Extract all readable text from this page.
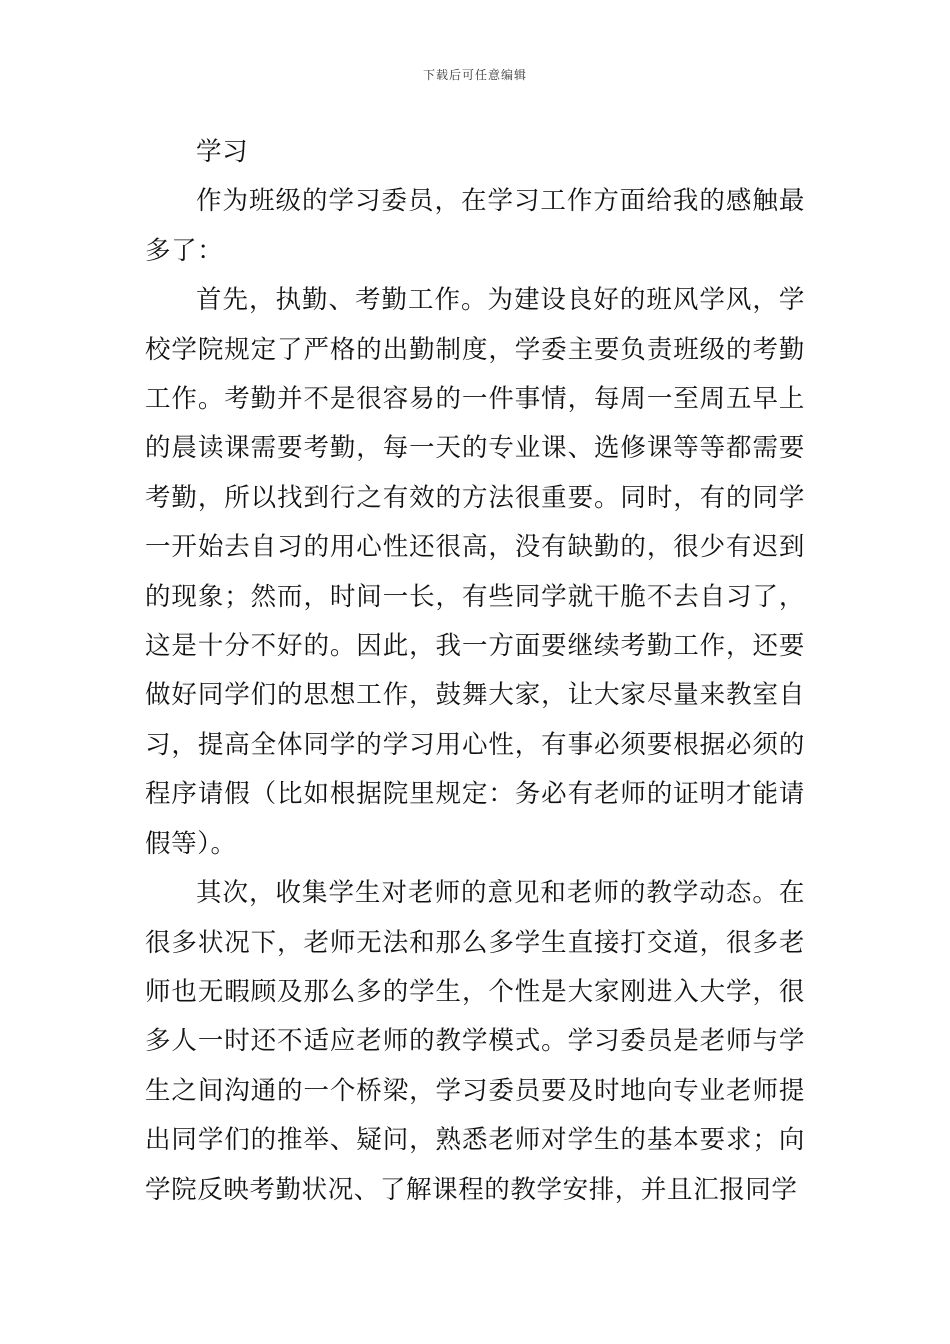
下载后可任意编辑

学习

作为班级的学习委员，在学习工作方面给我的感触最多了：

首先，执勤、考勤工作。为建设良好的班风学风，学校学院规定了严格的出勤制度，学委主要负责班级的考勤工作。考勤并不是很容易的一件事情，每周一至周五早上的晨读课需要考勤，每一天的专业课、选修课等等都需要考勤，所以找到行之有效的方法很重要。同时，有的同学一开始去自习的用心性还很高，没有缺勤的，很少有迟到的现象；然而，时间一长，有些同学就干脆不去自习了，这是十分不好的。因此，我一方面要继续考勤工作，还要做好同学们的思想工作，鼓舞大家，让大家尽量来教室自习，提高全体同学的学习用心性，有事必须要根据必须的程序请假（比如根据院里规定：务必有老师的证明才能请假等）。

其次，收集学生对老师的意见和老师的教学动态。在很多状况下，老师无法和那么多学生直接打交道，很多老师也无暇顾及那么多的学生，个性是大家刚进入大学，很多人一时还不适应老师的教学模式。学习委员是老师与学生之间沟通的一个桥梁，学习委员要及时地向专业老师提出同学们的推举、疑问，熟悉老师对学生的基本要求；向学院反映考勤状况、了解课程的教学安排，并且汇报同学
